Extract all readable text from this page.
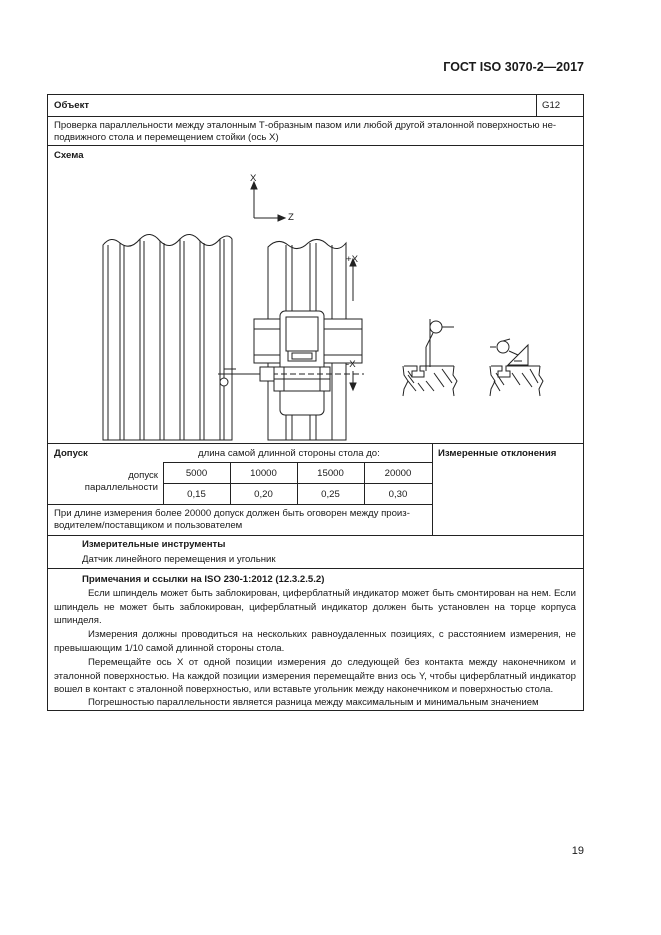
ГОСТ ISO 3070-2—2017
Объект	G12
Проверка параллельности между эталонным Т-образным пазом или любой другой эталонной поверхностью не-
подвижного стола и перемещением стойки (ось Х)
Схема
X
Z
+X
-X
Допуск	длина самой длинной стороны стола до:	Измеренные отклонения
допуск
параллельности
5000	10000	15000	20000
0,15	0,20	0,25	0,30
При длине измерения более 20000 допуск должен быть оговорен между произ-
водителем/поставщиком и пользователем
Измерительные инструменты
Датчик линейного перемещения и угольник
Примечания и ссылки на ISO 230-1:2012 (12.3.2.5.2)
Если шпиндель может быть заблокирован, циферблатный индикатор может быть смонтирован на нем. Если шпиндель не может быть заблокирован, циферблатный индикатор должен быть установлен на торце корпуса шпинделя.
Измерения должны проводиться на нескольких равноудаленных позициях, с расстоянием измерения, не превышающим 1/10 самой длинной стороны стола.
Перемещайте ось Х от одной позиции измерения до следующей без контакта между наконечником и эталонной поверхностью. На каждой позиции измерения перемещайте вниз ось Y, чтобы циферблатный индикатор вошел в контакт с эталонной поверхностью, или вставьте угольник между наконечником и поверхностью стола.
Погрешностью параллельности является разница между максимальным и минимальным значением
19
